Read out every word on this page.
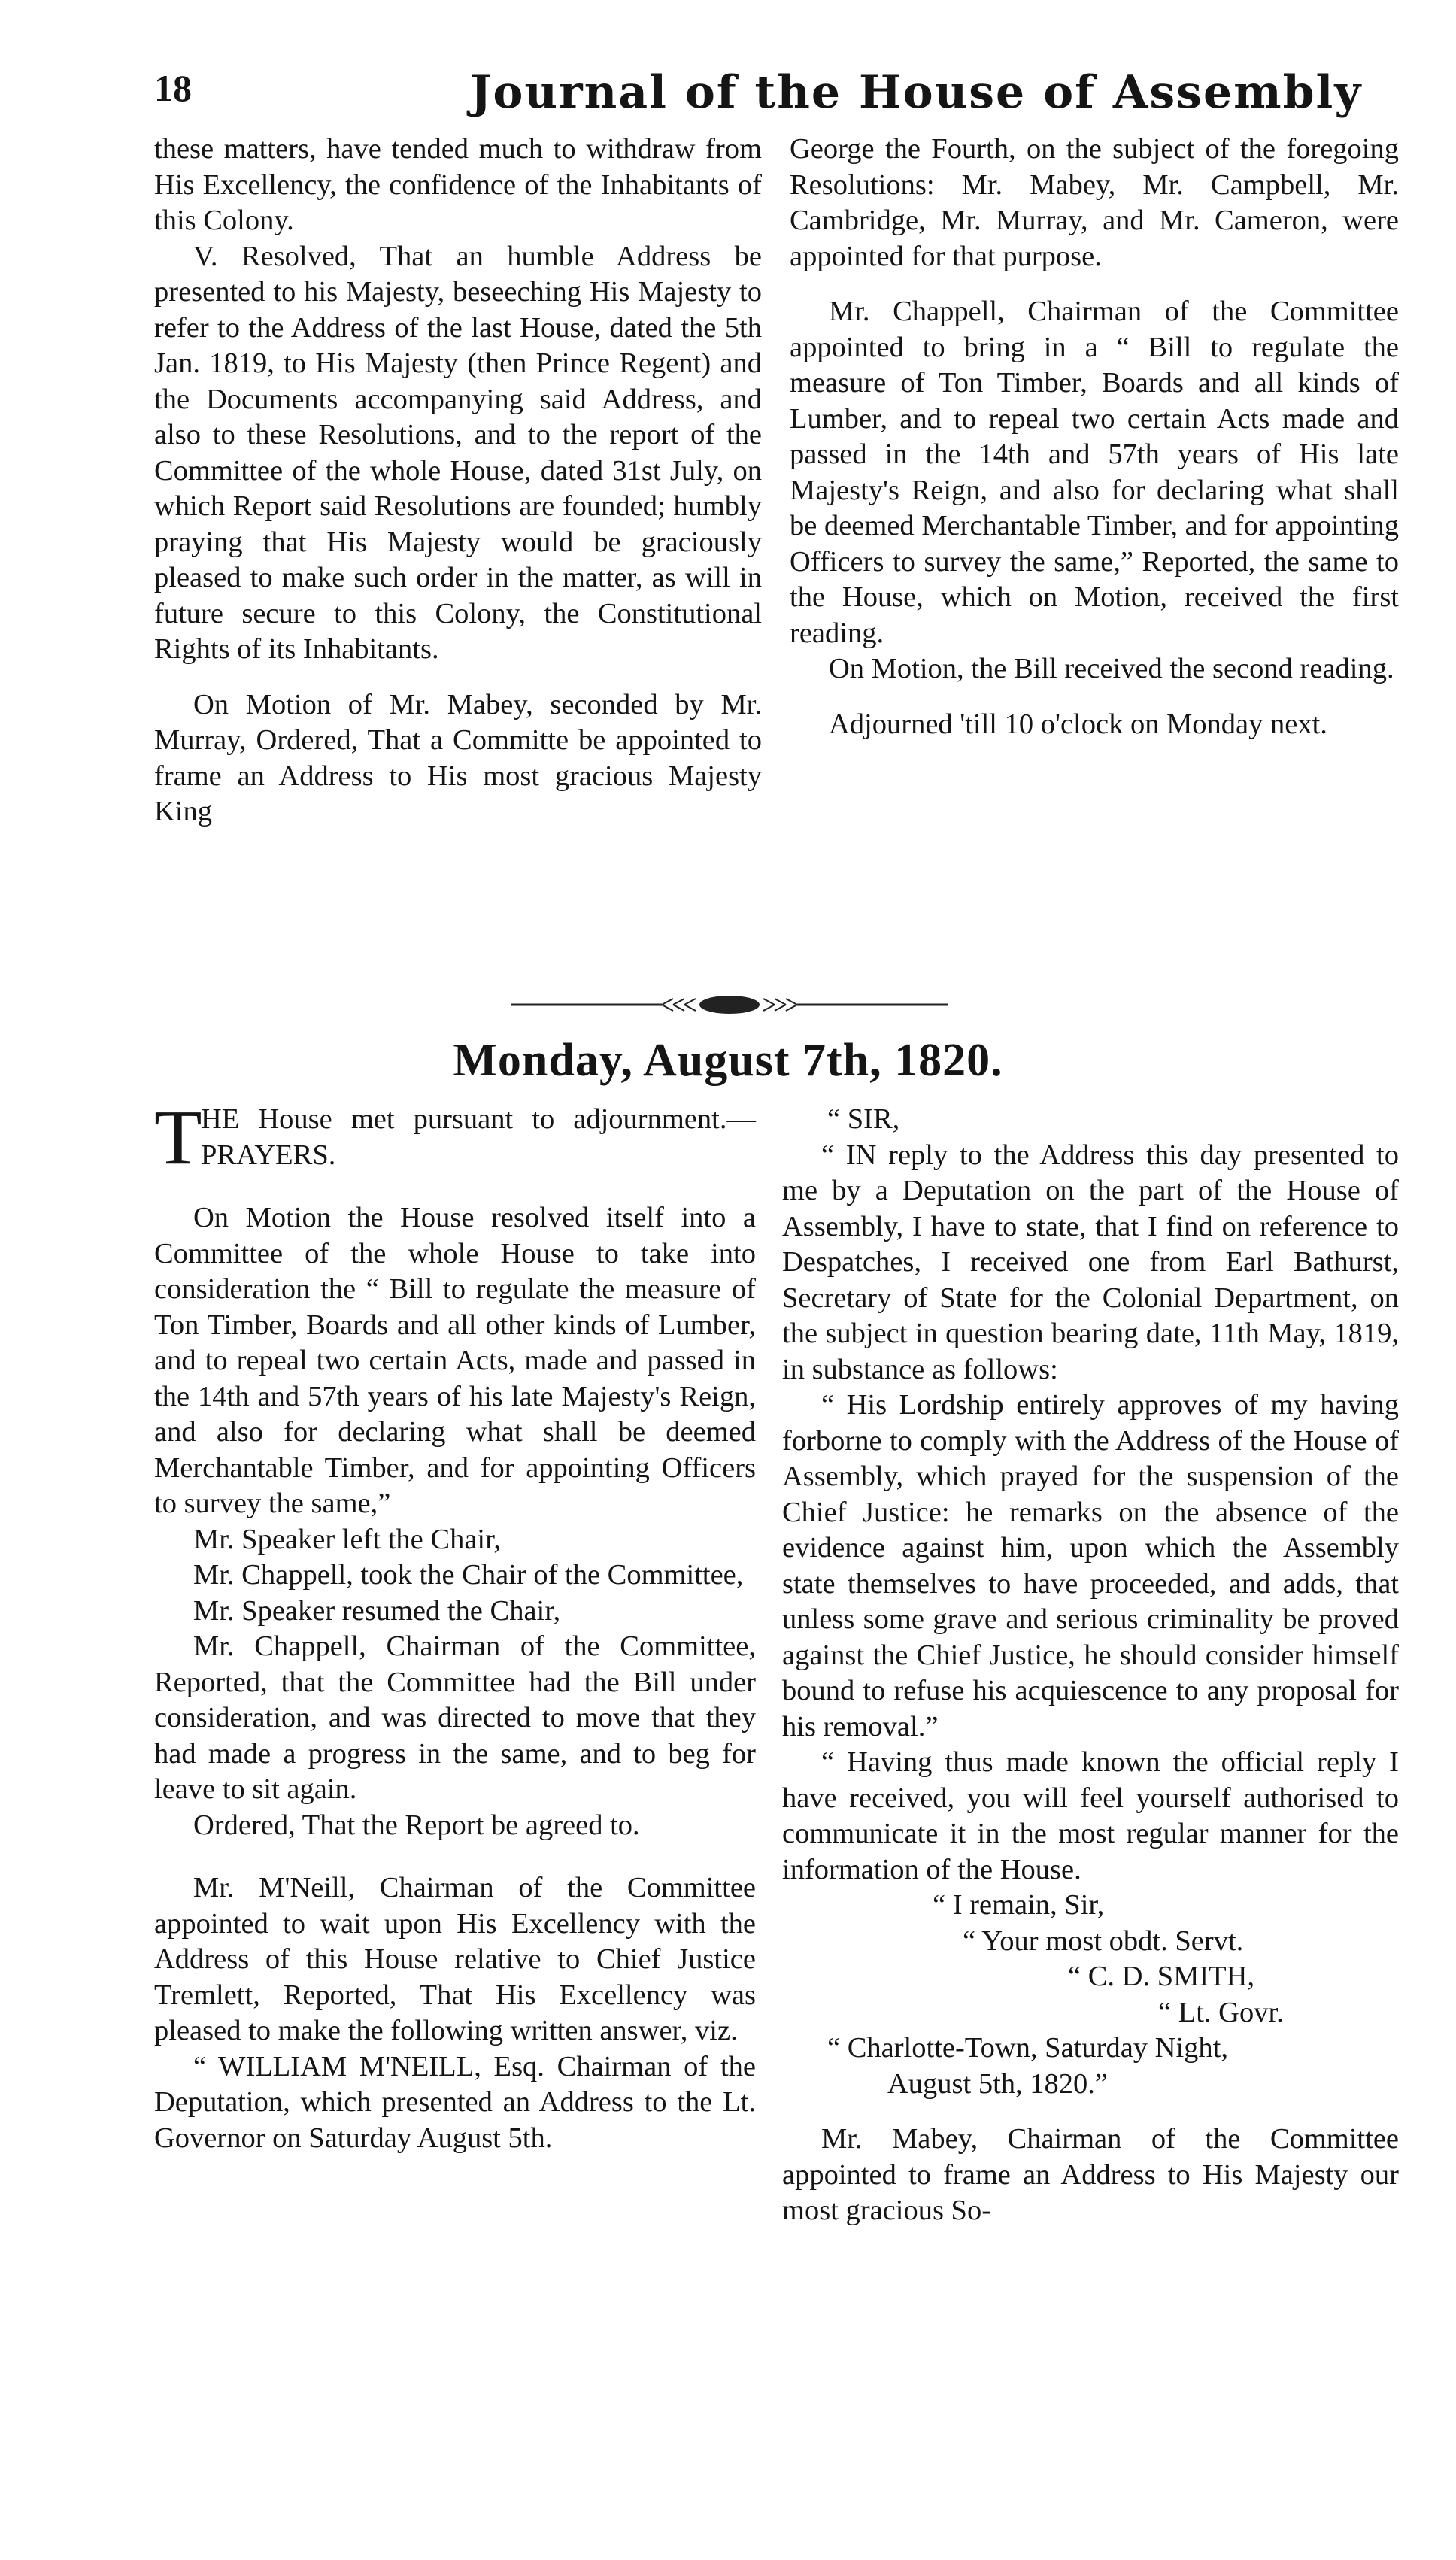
18	Journal of the House of Assembly

these matters, have tended much to withdraw from His Excellency, the confidence of the Inhabitants of this Colony.

V. Resolved, That an humble Address be presented to his Majesty, beseeching His Majesty to refer to the Address of the last House, dated the 5th Jan. 1819, to His Majesty (then Prince Regent) and the Documents accompanying said Address, and also to these Resolutions, and to the report of the Committee of the whole House, dated 31st July, on which Report said Resolutions are founded; humbly praying that His Majesty would be graciously pleased to make such order in the matter, as will in future secure to this Colony, the Constitutional Rights of its Inhabitants.

On Motion of Mr. Mabey, seconded by Mr. Murray, Ordered, That a Committe be appointed to frame an Address to His most gracious Majesty King

George the Fourth, on the subject of the foregoing Resolutions: Mr. Mabey, Mr. Campbell, Mr. Cambridge, Mr. Murray, and Mr. Cameron, were appointed for that purpose.

Mr. Chappell, Chairman of the Committee appointed to bring in a “ Bill to regulate the measure of Ton Timber, Boards and all kinds of Lumber, and to repeal two certain Acts made and passed in the 14th and 57th years of His late Majesty's Reign, and also for declaring what shall be deemed Merchantable Timber, and for appointing Officers to survey the same,” Reported, the same to the House, which on Motion, received the first reading.

On Motion, the Bill received the second reading.

Adjourned 'till 10 o'clock on Monday next.

Monday, August 7th, 1820.

T
HE House met pursuant to adjournment.—PRAYERS.

On Motion the House resolved itself into a Committee of the whole House to take into consideration the “ Bill to regulate the measure of Ton Timber, Boards and all other kinds of Lumber, and to repeal two certain Acts, made and passed in the 14th and 57th years of his late Majesty's Reign, and also for declaring what shall be deemed Merchantable Timber, and for appointing Officers to survey the same,”

Mr. Speaker left the Chair,

Mr. Chappell, took the Chair of the Committee,

Mr. Speaker resumed the Chair,

Mr. Chappell, Chairman of the Committee, Reported, that the Committee had the Bill under consideration, and was directed to move that they had made a progress in the same, and to beg for leave to sit again.

Ordered, That the Report be agreed to.

Mr. M'Neill, Chairman of the Committee appointed to wait upon His Excellency with the Address of this House relative to Chief Justice Tremlett, Reported, That His Excellency was pleased to make the following written answer, viz.

“ WILLIAM M'NEILL, Esq. Chairman of the Deputation, which presented an Address to the Lt. Governor on Saturday August 5th.

“ SIR,

“ IN reply to the Address this day presented to me by a Deputation on the part of the House of Assembly, I have to state, that I find on reference to Despatches, I received one from Earl Bathurst, Secretary of State for the Colonial Department, on the subject in question bearing date, 11th May, 1819, in substance as follows:

“ His Lordship entirely approves of my having forborne to comply with the Address of the House of Assembly, which prayed for the suspension of the Chief Justice: he remarks on the absence of the evidence against him, upon which the Assembly state themselves to have proceeded, and adds, that unless some grave and serious criminality be proved against the Chief Justice, he should consider himself bound to refuse his acquiescence to any proposal for his removal.”

“ Having thus made known the official reply I have received, you will feel yourself authorised to communicate it in the most regular manner for the information of the House.

“ I remain, Sir,

“ Your most obdt. Servt.

“ C. D. SMITH,

“ Lt. Govr.

“ Charlotte-Town, Saturday Night,

August 5th, 1820.”

Mr. Mabey, Chairman of the Committee appointed to frame an Address to His Majesty our most gracious So-
